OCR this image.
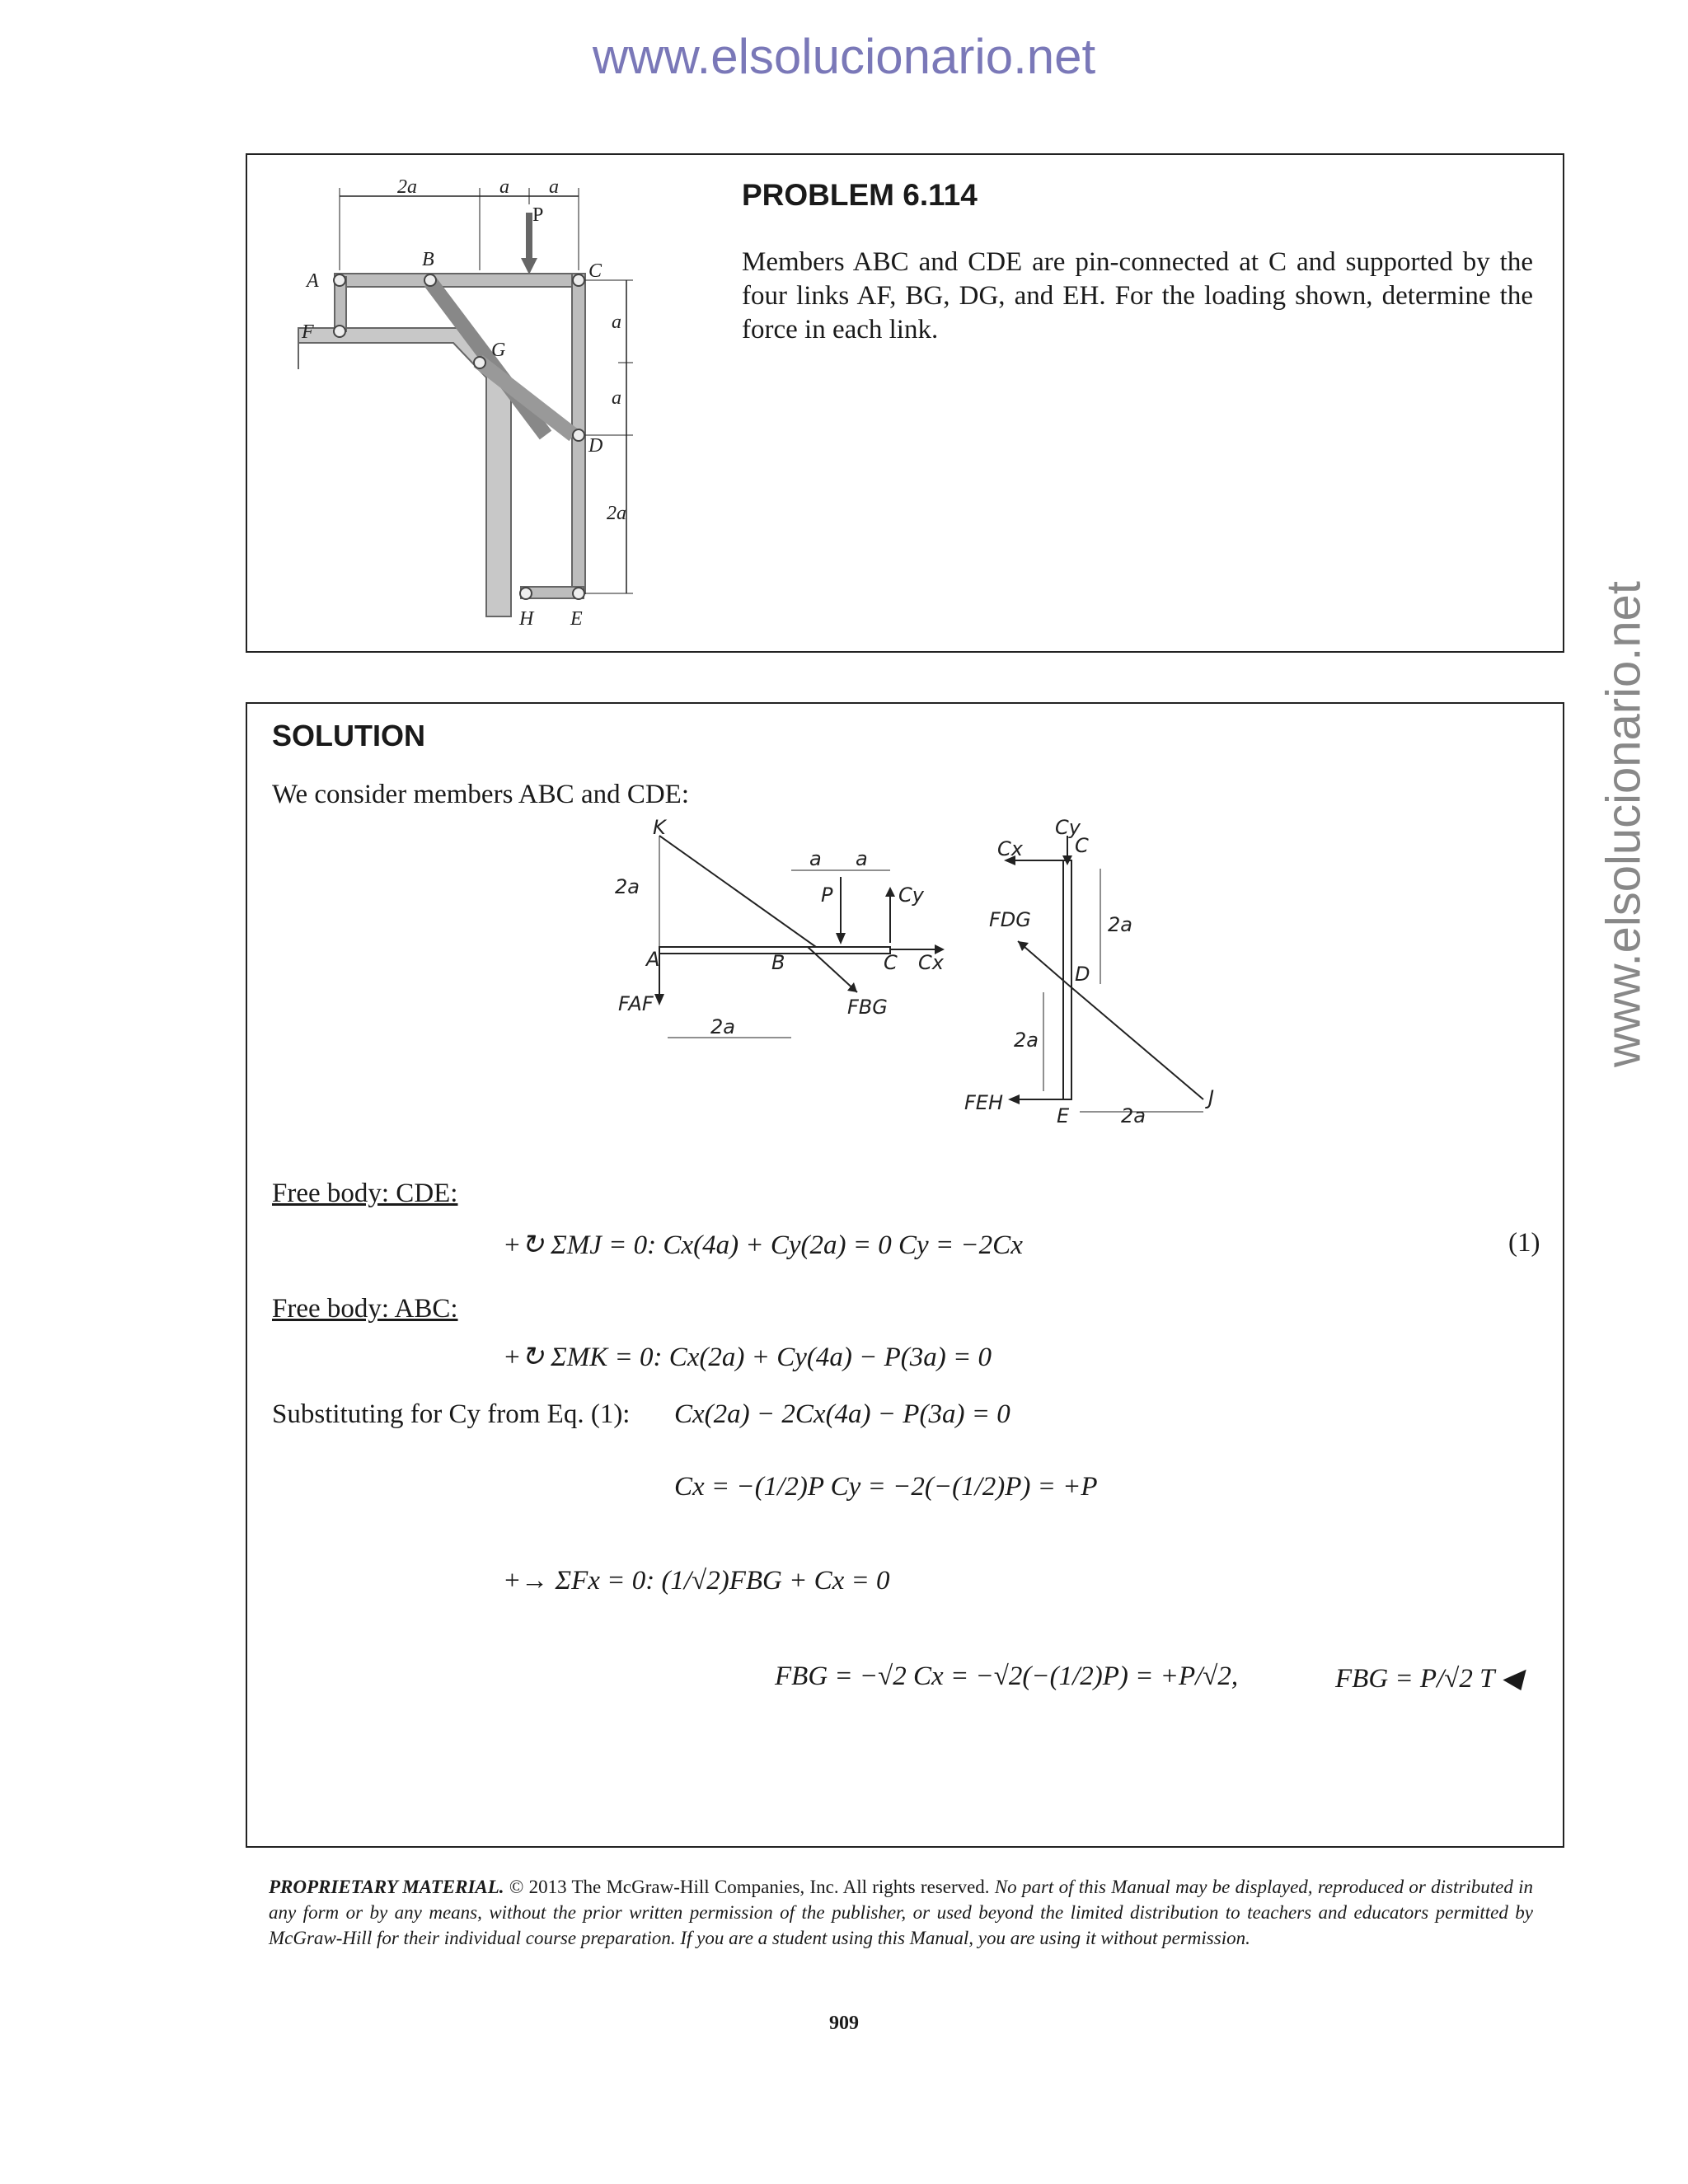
www.elsolucionario.net
www.elsolucionario.net
2a	a a
P
a
a
2a
A
B
C
D
E
F
G
H
PROBLEM 6.114
Members ABC and CDE are pin-connected at C and supported by the four links AF, BG, DG, and EH. For the loading shown, determine the force in each link.
SOLUTION
We consider members ABC and CDE:
K
2a
a a
P	Cy
A	B	C Cx
FAF
2a
FBG
Cy
C
Cx
FDG	2a
D
2a
FEH
E	2a
J
Free body: CDE:
+↻ ΣMJ = 0: Cx(4a) + Cy(2a) = 0 Cy = −2Cx	(1)
Free body: ABC:
+↻ ΣMK = 0: Cx(2a) + Cy(4a) − P(3a) = 0
Substituting for Cy from Eq. (1): Cx(2a) − 2Cx(4a) − P(3a) = 0
Cx = −(1/2)P Cy = −2(−(1/2)P) = +P
+→ ΣFx = 0: (1/√2)FBG + Cx = 0
FBG = −√2 Cx = −√2(−(1/2)P) = +P/√2,	FBG = P/√2 T ◀
PROPRIETARY MATERIAL. © 2013 The McGraw-Hill Companies, Inc. All rights reserved. No part of this Manual may be displayed, reproduced or distributed in any form or by any means, without the prior written permission of the publisher, or used beyond the limited distribution to teachers and educators permitted by McGraw-Hill for their individual course preparation. If you are a student using this Manual, you are using it without permission.
909
